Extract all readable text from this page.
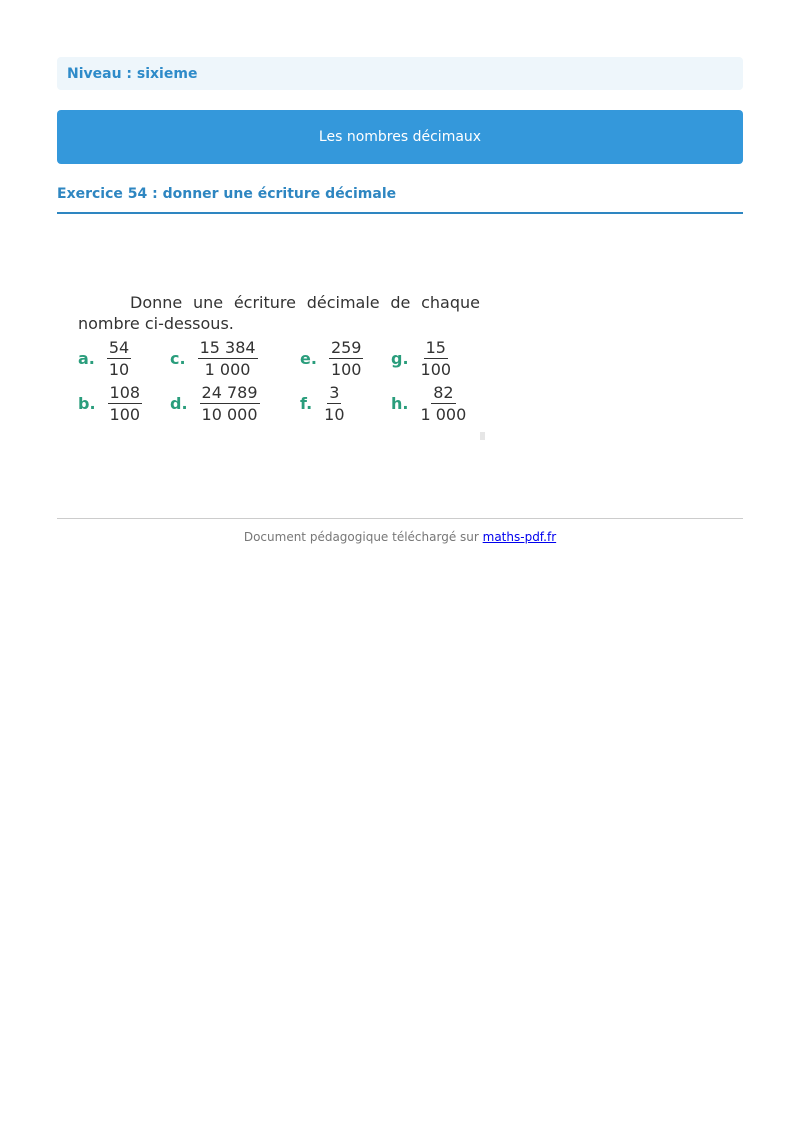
Niveau : sixieme
Les nombres décimaux
Exercice 54 : donner une écriture décimale
Donne une écriture décimale de chaque nombre ci-dessous.
a. $\frac{54}{10}$
b. $\frac{108}{100}$
c. $\frac{15 384}{1 000}$
d. $\frac{24 789}{10 000}$
e. $\frac{259}{100}$
f. $\frac{3}{10}$
g. $\frac{15}{100}$
h. $\frac{82}{1 000}$
Document pédagogique téléchargé sur maths-pdf.fr
